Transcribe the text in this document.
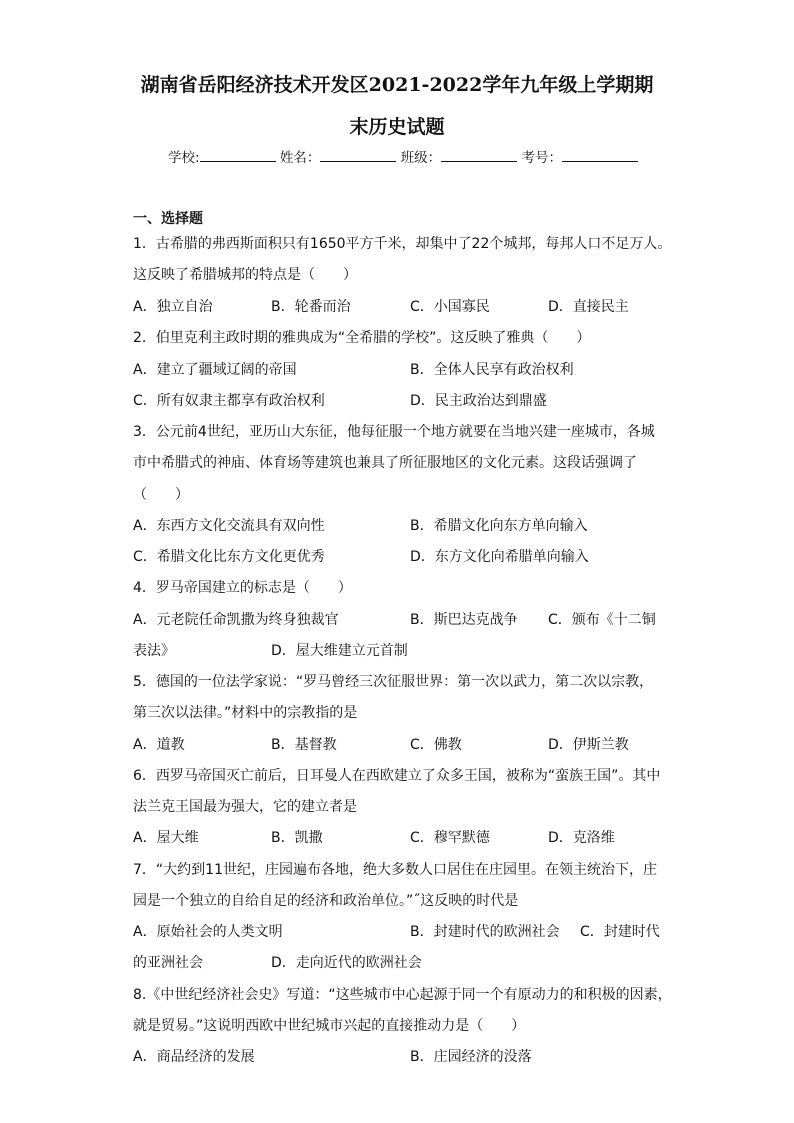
湖南省岳阳经济技术开发区2021-2022学年九年级上学期期
末历史试题
学校:	姓名：	班级：	考号：
一、选择题
1．古希腊的弗西斯面积只有1650平方千米，却集中了22个城邦，每邦人口不足万人。
这反映了希腊城邦的特点是（　　）
A．独立自治	B．轮番而治	C．小国寡民	D．直接民主
2．伯里克利主政时期的雅典成为“全希腊的学校”。这反映了雅典（　　）
A．建立了疆域辽阔的帝国	B．全体人民享有政治权利
C．所有奴隶主都享有政治权利	D．民主政治达到鼎盛
3．公元前4世纪，亚历山大东征，他每征服一个地方就要在当地兴建一座城市，各城
市中希腊式的神庙、体育场等建筑也兼具了所征服地区的文化元素。这段话强调了
（　　）
A．东西方文化交流具有双向性	B．希腊文化向东方单向输入
C．希腊文化比东方文化更优秀	D．东方文化向希腊单向输入
4．罗马帝国建立的标志是（　　）
A．元老院任命凯撒为终身独裁官	B．斯巴达克战争 C．颁布《十二铜
表法》	D．屋大维建立元首制
5．德国的一位法学家说：“罗马曾经三次征服世界：第一次以武力，第二次以宗教，
第三次以法律。”材料中的宗教指的是
A．道教	B．基督教	C．佛教	D．伊斯兰教
6．西罗马帝国灭亡前后，日耳曼人在西欧建立了众多王国，被称为“蛮族王国”。其中
法兰克王国最为强大，它的建立者是
A．屋大维	B．凯撒	C．穆罕默德	D．克洛维
7．“大约到11世纪，庄园遍布各地，绝大多数人口居住在庄园里。在领主统治下，庄
园是一个独立的自给自足的经济和政治单位。”˝这反映的时代是
A．原始社会的人类文明	B．封建时代的欧洲社会 C．封建时代
的亚洲社会	D．走向近代的欧洲社会
8.《中世纪经济社会史》写道：“这些城市中心起源于同一个有原动力的和积极的因素，
就是贸易。”这说明西欧中世纪城市兴起的直接推动力是（　　）
A．商品经济的发展	B．庄园经济的没落
